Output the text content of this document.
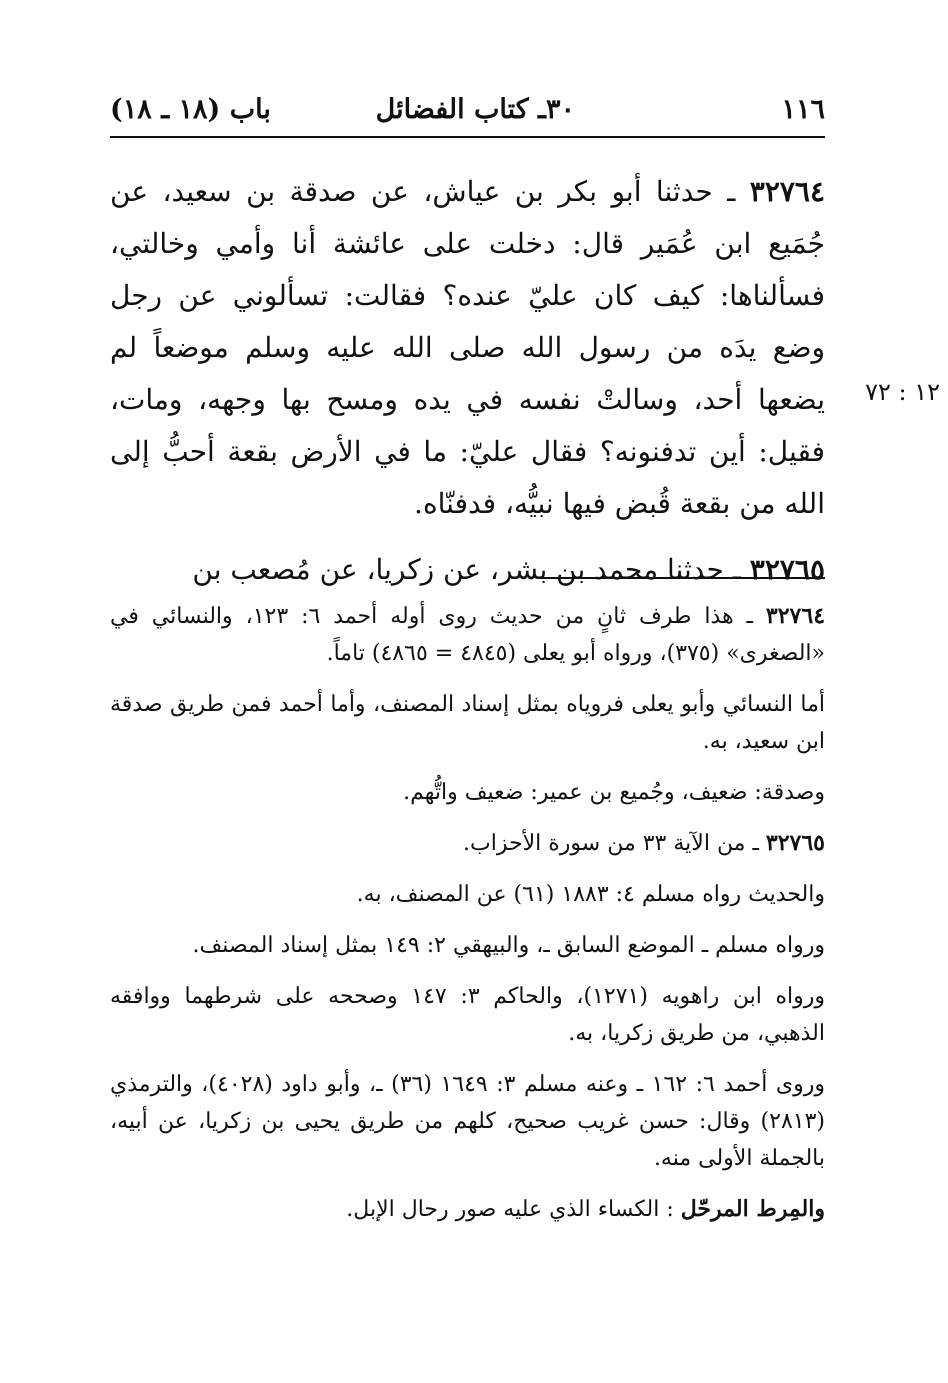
١١٦
٣٠ـ كتاب الفضائل
باب (١٨ ـ ١٨)

٣٢٧٦٤ ـ حدثنا أبو بكر بن عياش، عن صدقة بن سعيد، عن جُمَيع ابن عُمَير قال: دخلت على عائشة أنا وأمي وخالتي، فسألناها: كيف كان عليّ عنده؟ فقالت: تسألوني عن رجل وضع يدَه من رسول الله صلى الله عليه وسلم موضعاً لم يضعها أحد، وسالتْ نفسه في يده ومسح بها وجهه، ومات، فقيل: أين تدفنونه؟ فقال عليّ: ما في الأرض بقعة أحبُّ إلى الله من بقعة قُبض فيها نبيُّه، فدفنّاه.

٣٢٧٦٥ ـ حدثنا محمد بن بشر، عن زكريا، عن مُصعب بن

١٢ : ٧٢

٣٢٧٦٤ ـ هذا طرف ثانٍ من حديث روى أوله أحمد ٦: ١٢٣، والنسائي في «الصغرى» (٣٧٥)، ورواه أبو يعلى (٤٨٤٥ = ٤٨٦٥) تاماً.

أما النسائي وأبو يعلى فروياه بمثل إسناد المصنف، وأما أحمد فمن طريق صدقة ابن سعيد، به.

وصدقة: ضعيف، وجُميع بن عمير: ضعيف واتُّهم.

٣٢٧٦٥ ـ من الآية ٣٣ من سورة الأحزاب.

والحديث رواه مسلم ٤: ١٨٨٣ (٦١) عن المصنف، به.

ورواه مسلم ـ الموضع السابق ـ، والبيهقي ٢: ١٤٩ بمثل إسناد المصنف.

ورواه ابن راهويه (١٢٧١)، والحاكم ٣: ١٤٧ وصححه على شرطهما ووافقه الذهبي، من طريق زكريا، به.

وروى أحمد ٦: ١٦٢ ـ وعنه مسلم ٣: ١٦٤٩ (٣٦) ـ، وأبو داود (٤٠٢٨)، والترمذي (٢٨١٣) وقال: حسن غريب صحيح، كلهم من طريق يحيى بن زكريا، عن أبيه، بالجملة الأولى منه.

والمِرط المرحّل : الكساء الذي عليه صور رحال الإبل.
